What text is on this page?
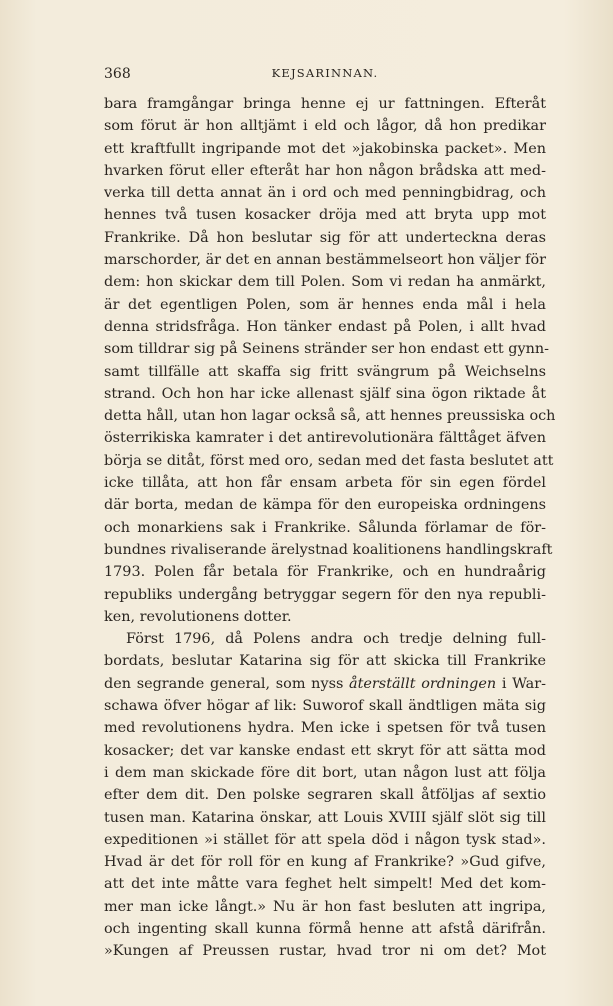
368	KEJSARINNAN.
bara framgångar bringa henne ej ur fattningen. Efteråt
som förut är hon alltjämt i eld och lågor, då hon predikar
ett kraftfullt ingripande mot det »jakobinska packet». Men
hvarken förut eller efteråt har hon någon brådska att med-
verka till detta annat än i ord och med penningbidrag, och
hennes två tusen kosacker dröja med att bryta upp mot
Frankrike. Då hon beslutar sig för att underteckna deras
marschorder, är det en annan bestämmelseort hon väljer för
dem: hon skickar dem till Polen. Som vi redan ha anmärkt,
är det egentligen Polen, som är hennes enda mål i hela
denna stridsfråga. Hon tänker endast på Polen, i allt hvad
som tilldrar sig på Seinens stränder ser hon endast ett gynn-
samt tillfälle att skaffa sig fritt svängrum på Weichselns
strand. Och hon har icke allenast själf sina ögon riktade åt
detta håll, utan hon lagar också så, att hennes preussiska och
österrikiska kamrater i det antirevolutionära fälttåget äfven
börja se ditåt, först med oro, sedan med det fasta beslutet att
icke tillåta, att hon får ensam arbeta för sin egen fördel
där borta, medan de kämpa för den europeiska ordningens
och monarkiens sak i Frankrike. Sålunda förlamar de för-
bundnes rivaliserande ärelystnad koalitionens handlingskraft
1793. Polen får betala för Frankrike, och en hundraårig
republiks undergång betryggar segern för den nya republi-
ken, revolutionens dotter.
Först 1796, då Polens andra och tredje delning full-
bordats, beslutar Katarina sig för att skicka till Frankrike
den segrande general, som nyss återställt ordningen i War-
schawa öfver högar af lik: Suworof skall ändtligen mäta sig
med revolutionens hydra. Men icke i spetsen för två tusen
kosacker; det var kanske endast ett skryt för att sätta mod
i dem man skickade före dit bort, utan någon lust att följa
efter dem dit. Den polske segraren skall åtföljas af sextio
tusen man. Katarina önskar, att Louis XVIII själf slöt sig till
expeditionen »i stället för att spela död i någon tysk stad».
Hvad är det för roll för en kung af Frankrike? »Gud gifve,
att det inte måtte vara feghet helt simpelt! Med det kom-
mer man icke långt.» Nu är hon fast besluten att ingripa,
och ingenting skall kunna förmå henne att afstå därifrån.
»Kungen af Preussen rustar, hvad tror ni om det? Mot
